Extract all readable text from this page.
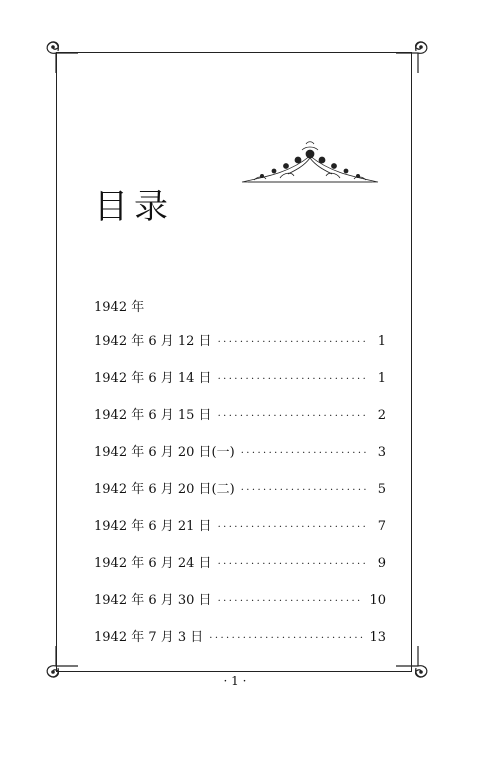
目录
1942 年
1942 年 6 月 12 日 ·····	1
1942 年 6 月 14 日 ·····	1
1942 年 6 月 15 日 ·····	2
1942 年 6 月 20 日(一) ·····	3
1942 年 6 月 20 日(二) ·····	5
1942 年 6 月 21 日 ·····	7
1942 年 6 月 24 日 ·····	9
1942 年 6 月 30 日 ·····	10
1942 年 7 月 3 日 ·····	13
· 1 ·
